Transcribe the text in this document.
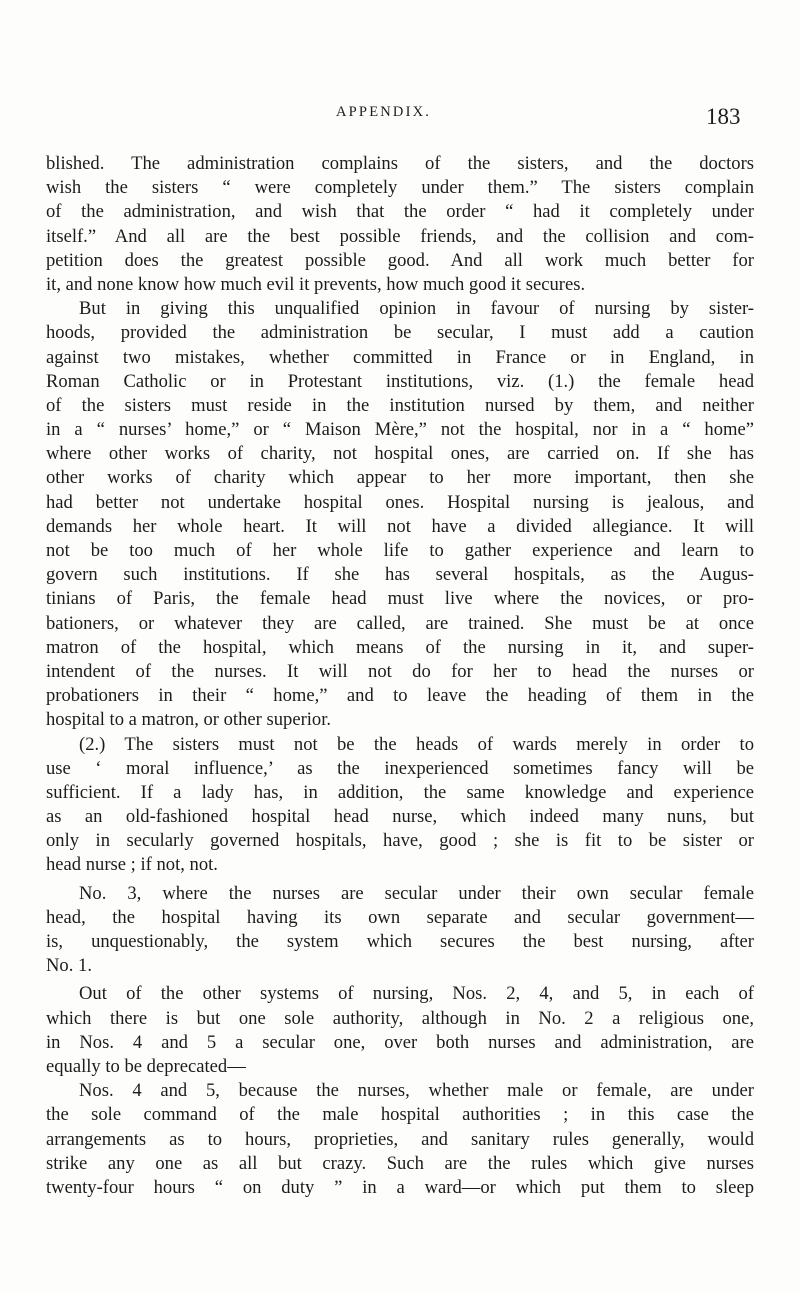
APPENDIX.	183
blished. The administration complains of the sisters, and the doctors
wish the sisters “ were completely under them.” The sisters complain
of the administration, and wish that the order “ had it completely under
itself.” And all are the best possible friends, and the collision and com-
petition does the greatest possible good. And all work much better for
it, and none know how much evil it prevents, how much good it secures.
But in giving this unqualified opinion in favour of nursing by sister-
hoods, provided the administration be secular, I must add a caution
against two mistakes, whether committed in France or in England, in
Roman Catholic or in Protestant institutions, viz. (1.) the female head
of the sisters must reside in the institution nursed by them, and neither
in a “ nurses’ home,” or “ Maison Mère,” not the hospital, nor in a “ home”
where other works of charity, not hospital ones, are carried on. If she has
other works of charity which appear to her more important, then she
had better not undertake hospital ones. Hospital nursing is jealous, and
demands her whole heart. It will not have a divided allegiance. It will
not be too much of her whole life to gather experience and learn to
govern such institutions. If she has several hospitals, as the Augus-
tinians of Paris, the female head must live where the novices, or pro-
bationers, or whatever they are called, are trained. She must be at once
matron of the hospital, which means of the nursing in it, and super-
intendent of the nurses. It will not do for her to head the nurses or
probationers in their “ home,” and to leave the heading of them in the
hospital to a matron, or other superior.
(2.) The sisters must not be the heads of wards merely in order to
use ‘ moral influence,’ as the inexperienced sometimes fancy will be
sufficient. If a lady has, in addition, the same knowledge and experience
as an old-fashioned hospital head nurse, which indeed many nuns, but
only in secularly governed hospitals, have, good ; she is fit to be sister or
head nurse ; if not, not.
No. 3, where the nurses are secular under their own secular female
head, the hospital having its own separate and secular government—
is, unquestionably, the system which secures the best nursing, after
No. 1.
Out of the other systems of nursing, Nos. 2, 4, and 5, in each of
which there is but one sole authority, although in No. 2 a religious one,
in Nos. 4 and 5 a secular one, over both nurses and administration, are
equally to be deprecated—
Nos. 4 and 5, because the nurses, whether male or female, are under
the sole command of the male hospital authorities ; in this case the
arrangements as to hours, proprieties, and sanitary rules generally, would
strike any one as all but crazy. Such are the rules which give nurses
twenty-four hours “ on duty ” in a ward—or which put them to sleep
